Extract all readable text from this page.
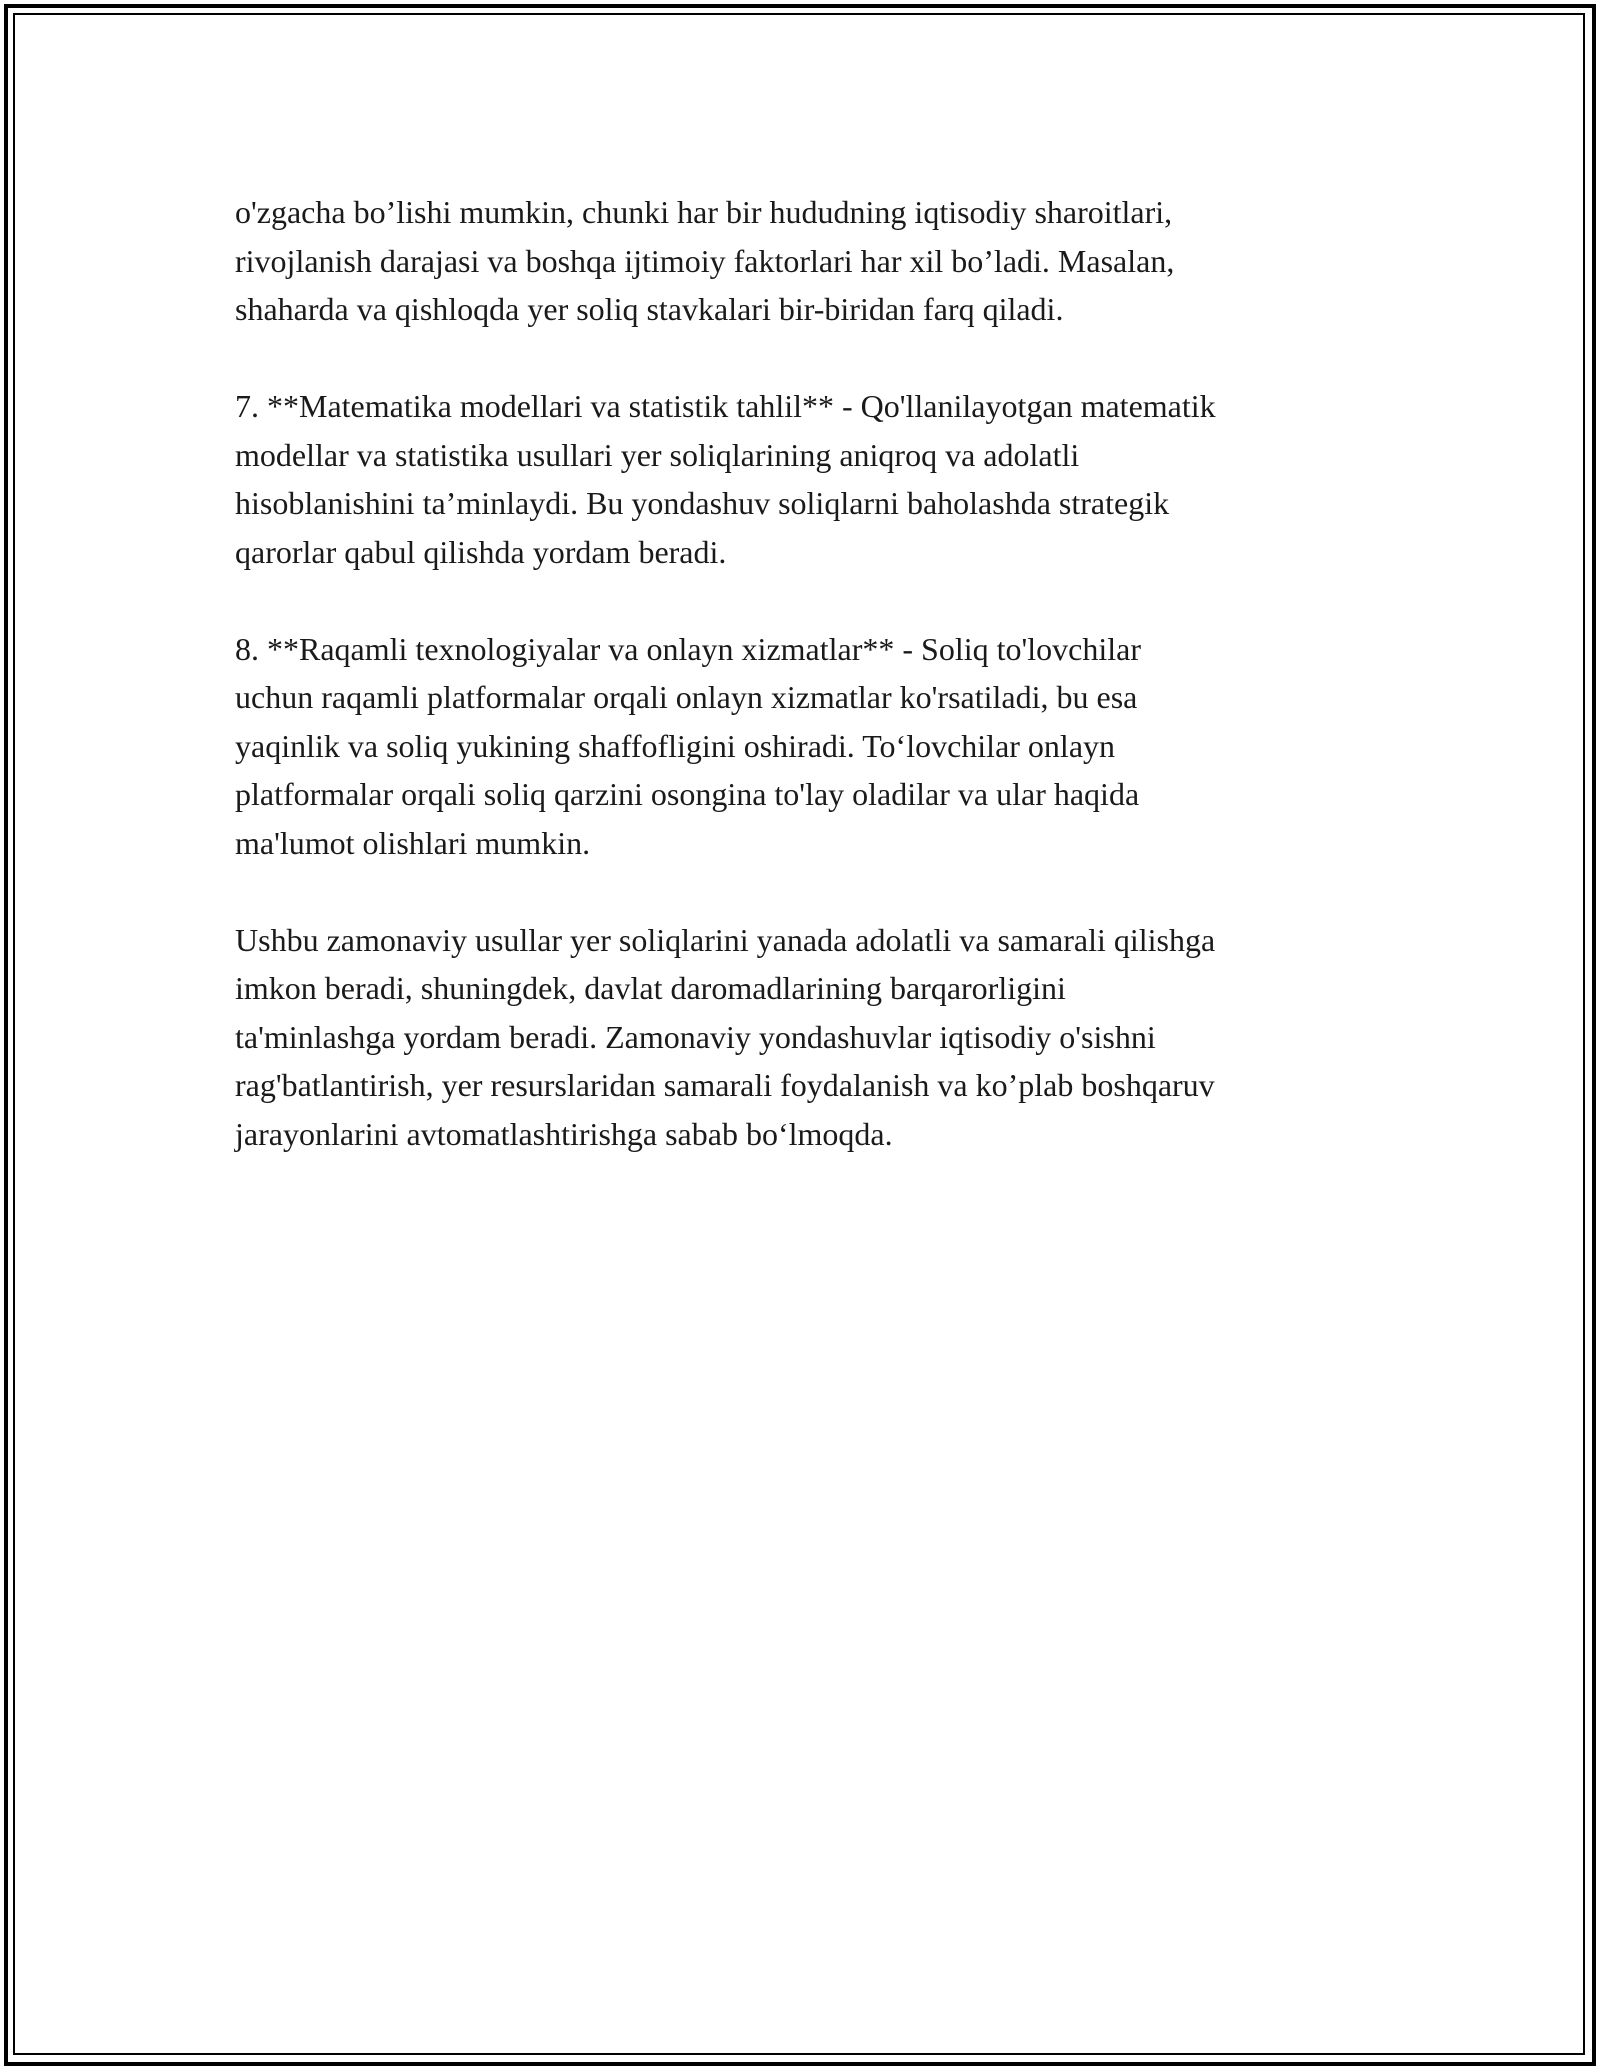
o'zgacha bo’lishi mumkin, chunki har bir hududning iqtisodiy sharoitlari,
rivojlanish darajasi va boshqa ijtimoiy faktorlari har xil bo’ladi. Masalan,
shaharda va qishloqda yer soliq stavkalari bir-biridan farq qiladi.

7. **Matematika modellari va statistik tahlil** - Qo'llanilayotgan matematik
modellar va statistika usullari yer soliqlarining aniqroq va adolatli
hisoblanishini ta’minlaydi. Bu yondashuv soliqlarni baholashda strategik
qarorlar qabul qilishda yordam beradi.

8. **Raqamli texnologiyalar va onlayn xizmatlar** - Soliq to'lovchilar
uchun raqamli platformalar orqali onlayn xizmatlar ko'rsatiladi, bu esa
yaqinlik va soliq yukining shaffofligini oshiradi. To‘lovchilar onlayn
platformalar orqali soliq qarzini osongina to'lay oladilar va ular haqida
ma'lumot olishlari mumkin.

Ushbu zamonaviy usullar yer soliqlarini yanada adolatli va samarali qilishga
imkon beradi, shuningdek, davlat daromadlarining barqarorligini
ta'minlashga yordam beradi. Zamonaviy yondashuvlar iqtisodiy o'sishni
rag'batlantirish, yer resurslaridan samarali foydalanish va ko’plab boshqaruv
jarayonlarini avtomatlashtirishga sabab bo‘lmoqda.
